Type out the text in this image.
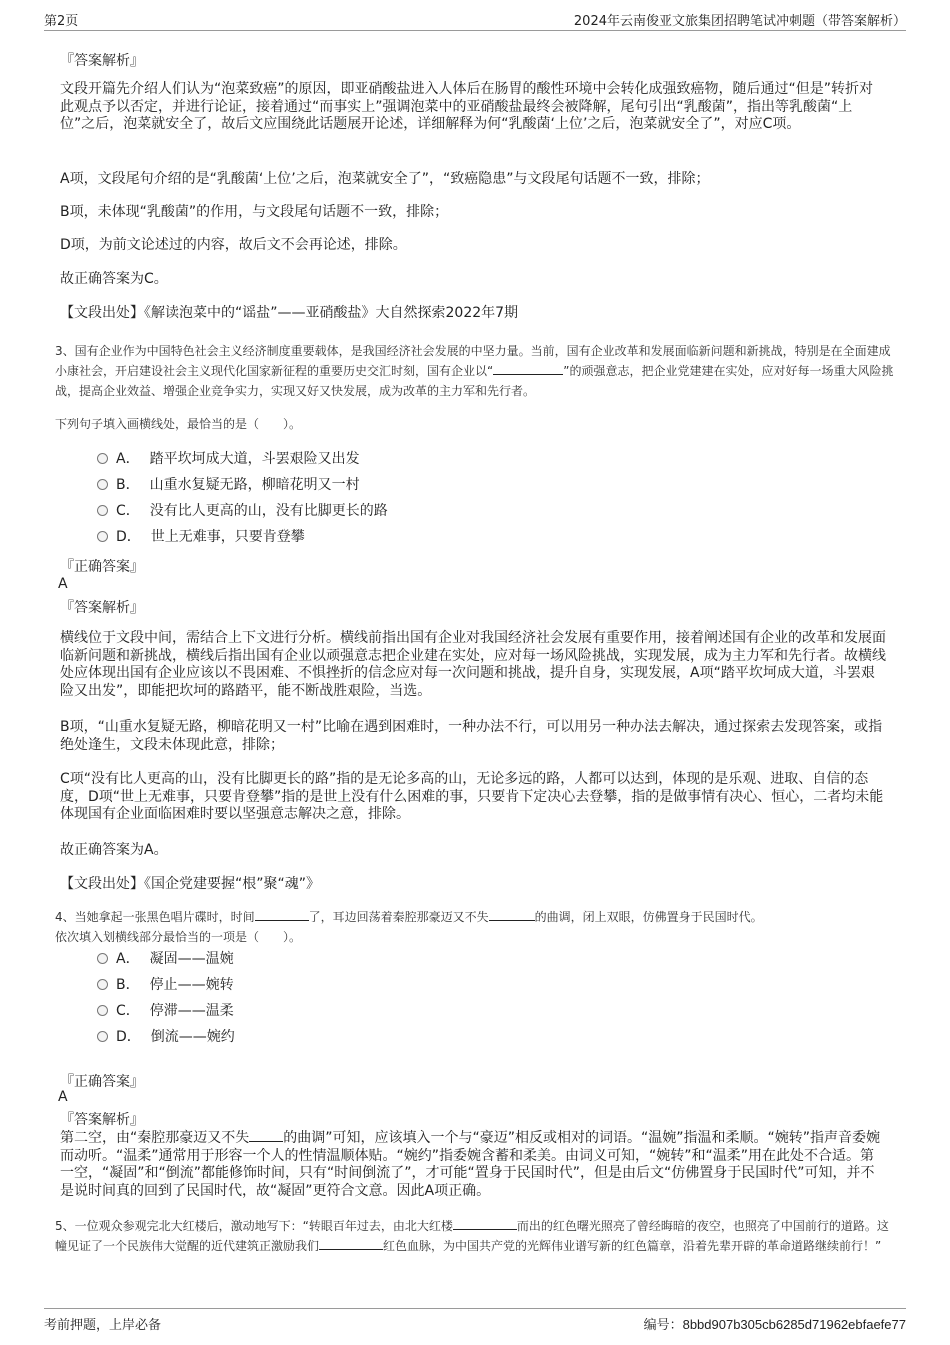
第2页	2024年云南俊亚文旅集团招聘笔试冲刺题（带答案解析）
『答案解析』
文段开篇先介绍人们认为“泡菜致癌”的原因，即亚硝酸盐进入人体后在肠胃的酸性环境中会转化成强致癌物，随后通过“但是”转折对此观点予以否定，并进行论证，接着通过“而事实上”强调泡菜中的亚硝酸盐最终会被降解，尾句引出“乳酸菌”，指出等乳酸菌“上位”之后，泡菜就安全了，故后文应围绕此话题展开论述，详细解释为何“乳酸菌‘上位’之后，泡菜就安全了”，对应C项。
A项，文段尾句介绍的是“乳酸菌‘上位’之后，泡菜就安全了”，“致癌隐患”与文段尾句话题不一致，排除；
B项，未体现“乳酸菌”的作用，与文段尾句话题不一致，排除；
D项，为前文论述过的内容，故后文不会再论述，排除。
故正确答案为C。
【文段出处】《解读泡菜中的“谣盐”——亚硝酸盐》大自然探索2022年7期
3、国有企业作为中国特色社会主义经济制度重要载体，是我国经济社会发展的中坚力量。当前，国有企业改革和发展面临新问题和新挑战，特别是在全面建成小康社会，开启建设社会主义现代化国家新征程的重要历史交汇时刻，国有企业以“	”的顽强意志，把企业党建建在实处，应对好每一场重大风险挑战，提高企业效益、增强企业竞争实力，实现又好又快发展，成为改革的主力军和先行者。
下列句子填入画横线处，最恰当的是（　　）。
A． 踏平坎坷成大道，斗罢艰险又出发
B． 山重水复疑无路，柳暗花明又一村
C． 没有比人更高的山，没有比脚更长的路
D． 世上无难事，只要肯登攀
『正确答案』
A
『答案解析』
横线位于文段中间，需结合上下文进行分析。横线前指出国有企业对我国经济社会发展有重要作用，接着阐述国有企业的改革和发展面临新问题和新挑战，横线后指出国有企业以顽强意志把企业建在实处，应对每一场风险挑战，实现发展，成为主力军和先行者。故横线处应体现出国有企业应该以不畏困难、不惧挫折的信念应对每一次问题和挑战，提升自身，实现发展，A项“踏平坎坷成大道，斗罢艰险又出发”，即能把坎坷的路踏平，能不断战胜艰险，当选。
B项，“山重水复疑无路，柳暗花明又一村”比喻在遇到困难时，一种办法不行，可以用另一种办法去解决，通过探索去发现答案，或指绝处逢生，文段未体现此意，排除；
C项“没有比人更高的山，没有比脚更长的路”指的是无论多高的山，无论多远的路，人都可以达到，体现的是乐观、进取、自信的态度，D项“世上无难事，只要肯登攀”指的是世上没有什么困难的事，只要肯下定决心去登攀，指的是做事情有决心、恒心，二者均未能体现国有企业面临困难时要以坚强意志解决之意，排除。
故正确答案为A。
【文段出处】《国企党建要握“根”聚“魂”》
4、当她拿起一张黑色唱片碟时，时间	了，耳边回荡着秦腔那豪迈又不失	的曲调，闭上双眼，仿佛置身于民国时代。
依次填入划横线部分最恰当的一项是（　　）。
A． 凝固——温婉
B． 停止——婉转
C． 停滞——温柔
D． 倒流——婉约
『正确答案』
A
『答案解析』
第二空，由“秦腔那豪迈又不失 的曲调”可知，应该填入一个与“豪迈”相反或相对的词语。“温婉”指温和柔顺。“婉转”指声音委婉而动听。“温柔”通常用于形容一个人的性情温顺体贴。“婉约”指委婉含蓄和柔美。由词义可知，“婉转”和“温柔”用在此处不合适。第一空，“凝固”和“倒流”都能修饰时间，只有“时间倒流了”，才可能“置身于民国时代”，但是由后文“仿佛置身于民国时代”可知，并不是说时间真的回到了民国时代，故“凝固”更符合文意。因此A项正确。
5、一位观众参观完北大红楼后，激动地写下：“转眼百年过去，由北大红楼	而出的红色曙光照亮了曾经晦暗的夜空，也照亮了中国前行的道路。这幢见证了一个民族伟大觉醒的近代建筑正激励我们	红色血脉，为中国共产党的光辉伟业谱写新的红色篇章，沿着先辈开辟的革命道路继续前行！”
考前押题，上岸必备	编号：8bbd907b305cb6285d71962ebfaefe77
